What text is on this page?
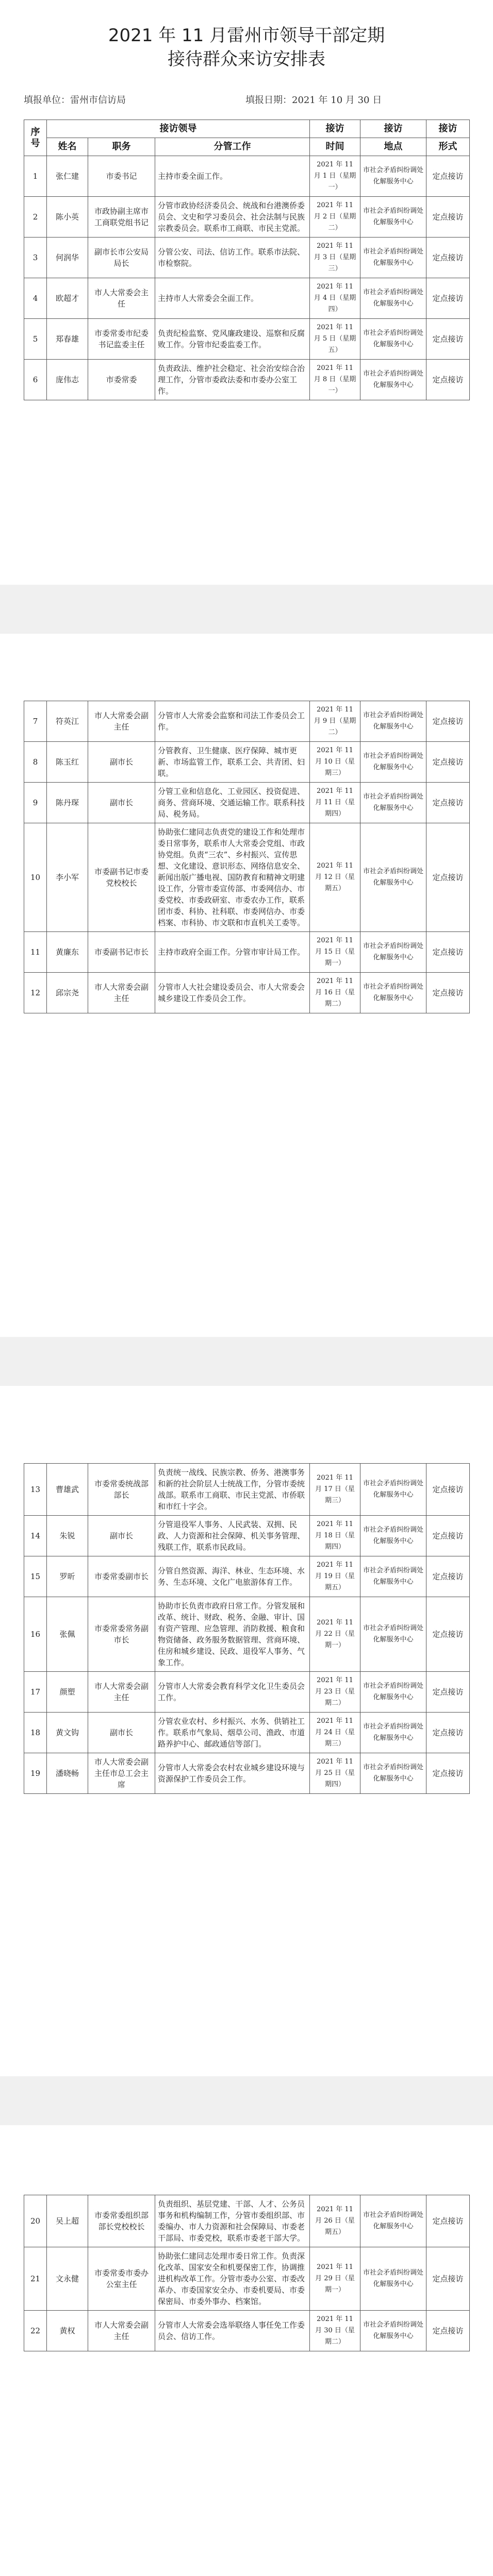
2021 年 11 月雷州市领导干部定期

接待群众来访安排表

填报单位：雷州市信访局	填报日期：2021 年 10 月 30 日
序号	接访领导			接访	接访	接访
	姓名	职务	分管工作	时间	地点	形式
1	张仁建	市委书记	主持市委全面工作。	2021 年 11 月 1 日（星期一）	市社会矛盾纠纷调处化解服务中心	定点接访
2	陈小英	市政协副主席市工商联党组书记	分管市政协经济委员会、统战和台港澳侨委员会、文史和学习委员会、社会法制与民族宗教委员会。联系市工商联、市民主党派。	2021 年 11 月 2 日（星期二）	市社会矛盾纠纷调处化解服务中心	定点接访
3	何润华	副市长市公安局局长	分管公安、司法、信访工作。联系市法院、市检察院。	2021 年 11 月 3 日（星期三）	市社会矛盾纠纷调处化解服务中心	定点接访
4	欧超才	市人大常委会主任	主持市人大常委会全面工作。	2021 年 11 月 4 日（星期四）	市社会矛盾纠纷调处化解服务中心	定点接访
5	郑春雄	市委常委市纪委书记监委主任	负责纪检监察、党风廉政建设、巡察和反腐败工作。分管市纪委监委工作。	2021 年 11 月 5 日（星期五）	市社会矛盾纠纷调处化解服务中心	定点接访
6	庞伟志	市委常委	负责政法、维护社会稳定、社会治安综合治理工作，分管市委政法委和市委办公室工作。	2021 年 11 月 8 日（星期一）	市社会矛盾纠纷调处化解服务中心	定点接访
7	符英江	市人大常委会副主任	分管市人大常委会监察和司法工作委员会工作。	2021 年 11 月 9 日（星期二）	市社会矛盾纠纷调处化解服务中心	定点接访
8	陈玉红	副市长	分管教育、卫生健康、医疗保障、城市更新、市场监管工作，联系工会、共青团、妇联。	2021 年 11 月 10 日（星期三）	市社会矛盾纠纷调处化解服务中心	定点接访
9	陈丹琛	副市长	分管工业和信息化、工业园区、投资促进、商务、营商环境、交通运输工作。联系科技局、税务局。	2021 年 11 月 11 日（星期四）	市社会矛盾纠纷调处化解服务中心	定点接访
10	李小军	市委副书记市委党校校长	协助张仁建同志负责党的建设工作和处理市委日常事务，联系市人大常委会党组、市政协党组。负责“三农”、乡村振兴、宣传思想、文化建设、意识形态、网络信息安全、新闻出版广播电视、国防教育和精神文明建设工作，分管市委宣传部、市委网信办、市委党校、市委政研室、市委农办工作，联系团市委、科协、社科联、市委网信办、市委档案、市科协、市文联和市直机关工委等。	2021 年 11 月 12 日（星期五）	市社会矛盾纠纷调处化解服务中心	定点接访
11	黄廉东	市委副书记市长	主持市政府全面工作。分管市审计局工作。	2021 年 11 月 15 日（星期一）	市社会矛盾纠纷调处化解服务中心	定点接访
12	邱宗尧	市人大常委会副主任	分管市人大社会建设委员会、市人大常委会城乡建设工作委员会工作。	2021 年 11 月 16 日（星期二）	市社会矛盾纠纷调处化解服务中心	定点接访
13	曹雄武	市委常委统战部部长	负责统一战线、民族宗教、侨务、港澳事务和新的社会阶层人士统战工作，分管市委统战部。联系市工商联、市民主党派、市侨联和市红十字会。	2021 年 11 月 17 日（星期三）	市社会矛盾纠纷调处化解服务中心	定点接访
14	朱锐	副市长	分管退役军人事务、人民武装、双拥、民政、人力资源和社会保障、机关事务管理、残联工作，联系市民政局。	2021 年 11 月 18 日（星期四）	市社会矛盾纠纷调处化解服务中心	定点接访
15	罗昕	市委常委副市长	分管自然资源、海洋、林业、生态环境、水务、生态环境、文化广电旅游体育工作。	2021 年 11 月 19 日（星期五）	市社会矛盾纠纷调处化解服务中心	定点接访
16	张佩	市委常委常务副市长	协助市长负责市政府日常工作。分管发展和改革、统计、财政、税务、金融、审计、国有资产管理、应急管理、消防救援、粮食和物资储备、政务服务数据管理、营商环境、住房和城乡建设、民政、退役军人事务、气象工作。	2021 年 11 月 22 日（星期一）	市社会矛盾纠纷调处化解服务中心	定点接访
17	颜塑	市人大常委会副主任	分管市人大常委会教育科学文化卫生委员会工作。	2021 年 11 月 23 日（星期二）	市社会矛盾纠纷调处化解服务中心	定点接访
18	黄文钩	副市长	分管农业农村、乡村振兴、水务、供销社工作。联系市气象局、烟草公司、渔政、市道路养护中心、邮政通信等部门。	2021 年 11 月 24 日（星期三）	市社会矛盾纠纷调处化解服务中心	定点接访
19	潘晓畅	市人大常委会副主任市总工会主席	分管市人大常委会农村农业城乡建设环境与资源保护工作委员会工作。	2021 年 11 月 25 日（星期四）	市社会矛盾纠纷调处化解服务中心	定点接访
20	吴上超	市委常委组织部部长党校校长	负责组织、基层党建、干部、人才、公务员事务和机构编制工作，分管市委组织部、市委编办、市人力资源和社会保障局、市委老干部局、市委党校，联系市委老干部大学。	2021 年 11 月 26 日（星期五）	市社会矛盾纠纷调处化解服务中心	定点接访
21	文永健	市委常委市委办公室主任	协助张仁建同志处理市委日常工作。负责深化改革、国家安全和机要保密工作，协调推进机构改革工作。分管市委办公室、市委改革办、市委国家安全办、市委机要局、市委保密局、市委外事办、档案馆。	2021 年 11 月 29 日（星期一）	市社会矛盾纠纷调处化解服务中心	定点接访
22	黄权	市人大常委会副主任	分管市人大常委会选举联络人事任免工作委员会、信访工作。	2021 年 11 月 30 日（星期二）	市社会矛盾纠纷调处化解服务中心	定点接访
